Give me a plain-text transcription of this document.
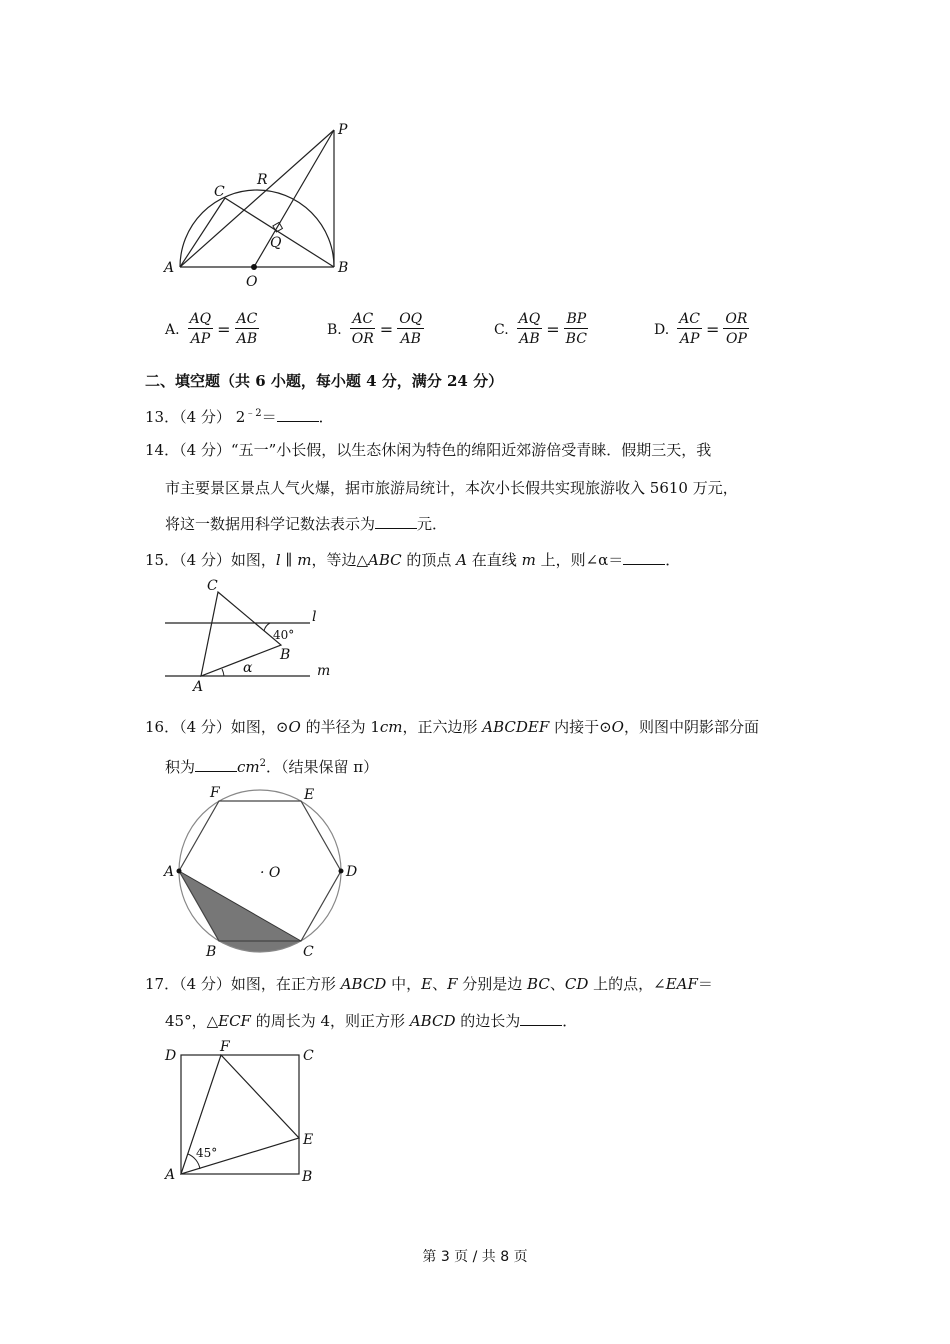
P
R
C
Q
A	B
O
A. $\frac{AQ}{AP} = \frac{AC}{AB}$	B. $\frac{AC}{OR} = \frac{OQ}{AB}$	C. $\frac{AQ}{AB} = \frac{BP}{BC}$	D. $\frac{AC}{AP} = \frac{OR}{OP}$
二、填空题（共 6 小题，每小题 4 分，满分 24 分）
13．（4 分） $2^{﹣2}=$	．
14．（4 分）“五一”小长假，以生态休闲为特色的绵阳近郊游倍受青睐．假期三天，我
市主要景区景点人气火爆，据市旅游局统计，本次小长假共实现旅游收入 5610 万元，
将这一数据用科学记数法表示为	元．
15．（4 分）如图，l ∥ m，等边△ABC 的顶点 A 在直线 m 上，则∠α＝	．
C
l
40°
B
α
A
m
16．（4 分）如图，⊙O 的半径为 1cm，正六边形 ABCDEF 内接于⊙O，则图中阴影部分面
积为	$cm^2$．（结果保留 π）
F	E
A	· O	D
B	C
17．（4 分）如图，在正方形 ABCD 中，E、F 分别是边 BC、CD 上的点，∠EAF＝
45°，△ECF 的周长为 4，则正方形 ABCD 的边长为	．
D
F
C
E
45°
A	B
第 3 页 / 共 8 页
